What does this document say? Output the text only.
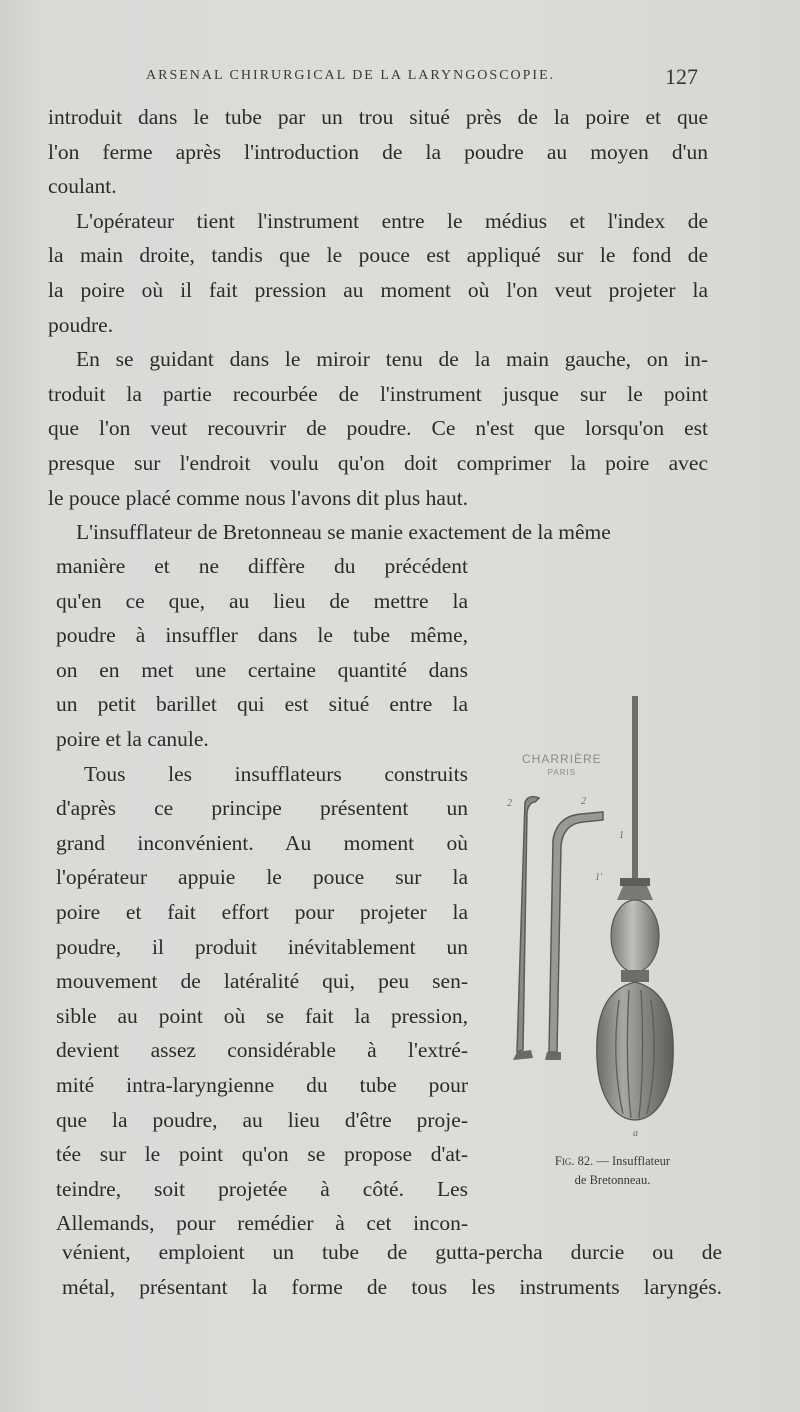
ARSENAL CHIRURGICAL DE LA LARYNGOSCOPIE.	127
introduit dans le tube par un trou situé près de la poire et que
l'on ferme après l'introduction de la poudre au moyen d'un
coulant.
L'opérateur tient l'instrument entre le médius et l'index de
la main droite, tandis que le pouce est appliqué sur le fond de
la poire où il fait pression au moment où l'on veut projeter la
poudre.
En se guidant dans le miroir tenu de la main gauche, on in-
troduit la partie recourbée de l'instrument jusque sur le point
que l'on veut recouvrir de poudre. Ce n'est que lorsqu'on est
presque sur l'endroit voulu qu'on doit comprimer la poire avec
le pouce placé comme nous l'avons dit plus haut.
L'insufflateur de Bretonneau se manie exactement de la même
manière et ne diffère du précédent
qu'en ce que, au lieu de mettre la
poudre à insuffler dans le tube même,
on en met une certaine quantité dans
un petit barillet qui est situé entre la
poire et la canule.
Tous les insufflateurs construits
d'après ce principe présentent un
grand inconvénient. Au moment où
l'opérateur appuie le pouce sur la
poire et fait effort pour projeter la
poudre, il produit inévitablement un
mouvement de latéralité qui, peu sen-
sible au point où se fait la pression,
devient assez considérable à l'extré-
mité intra-laryngienne du tube pour
que la poudre, au lieu d'être proje-
tée sur le point qu'on se propose d'at-
teindre, soit projetée à côté. Les
Allemands, pour remédier à cet incon-
vénient, emploient un tube de gutta-percha durcie ou de
métal, présentant la forme de tous les instruments laryngés.
CHARRIÈRE
PARIS
2	2
1
1'
a
Fig. 82. — Insufflateur
de Bretonneau.
